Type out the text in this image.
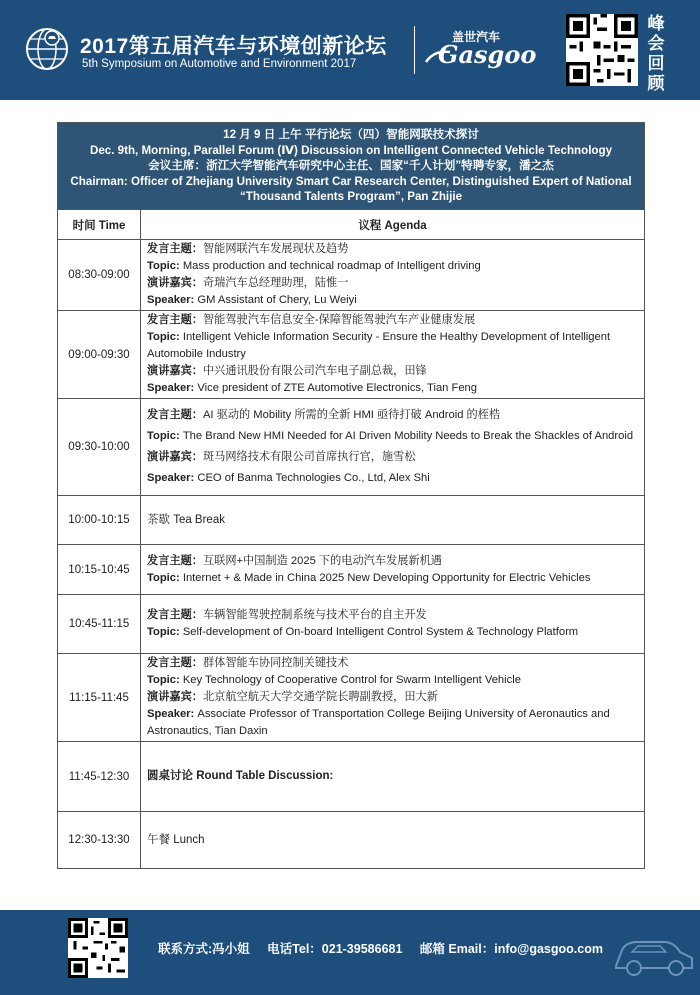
2017第五届汽车与环境创新论坛
5th Symposium on Automotive and Environment 2017
盖世汽车
Gasgoo
峰
会
回
顾
12 月 9 日 上午 平行论坛（四）智能网联技术探讨
Dec. 9th, Morning, Parallel Forum (Ⅳ) Discussion on Intelligent Connected Vehicle Technology
会议主席：浙江大学智能汽车研究中心主任、国家“千人计划”特聘专家，潘之杰
Chairman: Officer of Zhejiang University Smart Car Research Center, Distinguished Expert of National “Thousand Talents Program”, Pan Zhijie	

时间 Time	议程 Agenda
08:30-09:00	发言主题：智能网联汽车发展现状及趋势
Topic: Mass production and technical roadmap of Intelligent driving
演讲嘉宾：奇瑞汽车总经理助理，陆惟一
Speaker: GM Assistant of Chery, Lu Weiyi

09:00-09:30	发言主题：智能驾驶汽车信息安全-保障智能驾驶汽车产业健康发展
Topic: Intelligent Vehicle Information Security - Ensure the Healthy Development of Intelligent Automobile Industry
演讲嘉宾：中兴通讯股份有限公司汽车电子副总裁，田锋
Speaker: Vice president of ZTE Automotive Electronics, Tian Feng

09:30-10:00	发言主题：AI 驱动的 Mobility 所需的全新 HMI 亟待打破 Android 的桎梏
Topic: The Brand New HMI Needed for AI Driven Mobility Needs to Break the Shackles of Android
演讲嘉宾：斑马网络技术有限公司首席执行官，施雪松
Speaker: CEO of Banma Technologies Co., Ltd, Alex Shi

10:00-10:15	茶歇 Tea Break
10:15-10:45	发言主题：互联网+中国制造 2025 下的电动汽车发展新机遇
Topic: Internet + & Made in China 2025 New Developing Opportunity for Electric Vehicles

10:45-11:15	发言主题：车辆智能驾驶控制系统与技术平台的自主开发
Topic: Self-development of On-board Intelligent Control System & Technology Platform

11:15-11:45	发言主题：群体智能车协同控制关键技术
Topic: Key Technology of Cooperative Control for Swarm Intelligent Vehicle
演讲嘉宾：北京航空航天大学交通学院长聘副教授，田大新
Speaker: Associate Professor of Transportation College Beijing University of Aeronautics and Astronautics, Tian Daxin

11:45-12:30	圆桌讨论 Round Table Discussion:
12:30-13:30	午餐 Lunch
联系方式:冯小姐 电话Tel：021-39586681 邮箱 Email：info@gasgoo.com
